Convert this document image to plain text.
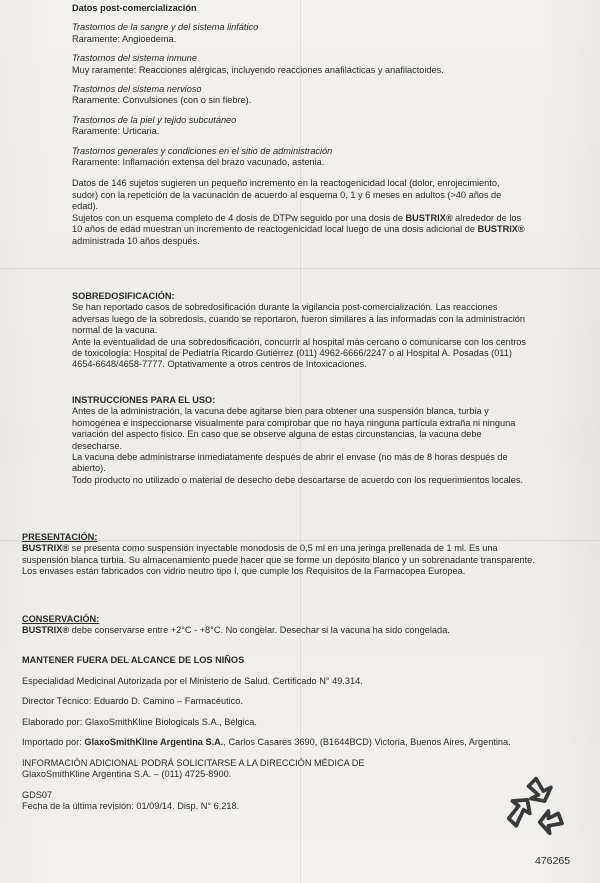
Datos post-comercialización

Trastornos de la sangre y del sistema linfático

Raramente: Angioedema.

Trastornos del sistema inmune

Muy raramente: Reacciones alérgicas, incluyendo reacciones anafilácticas y anafilactoides.

Trastornos del sistema nervioso

Raramente: Convulsiones (con o sin fiebre).

Trastornos de la piel y tejido subcutáneo

Raramente: Urticaria.

Trastornos generales y condiciones en el sitio de administración

Raramente: Inflamación extensa del brazo vacunado, astenia.

Datos de 146 sujetos sugieren un pequeño incremento en la reactogenicidad local (dolor, enrojecimiento, sudor) con la repetición de la vacunación de acuerdo al esquema 0, 1 y 6 meses en adultos (>40 años de edad).

Sujetos con un esquema completo de 4 dosis de DTPw seguido por una dosis de BUSTRIX® alrededor de los 10 años de edad muestran un incremento de reactogenicidad local luego de una dosis adicional de BUSTRIX® administrada 10 años después.

SOBREDOSIFICACIÓN:

Se han reportado casos de sobredosificación durante la vigilancia post-comercialización. Las reacciones adversas luego de la sobredosis, cuando se reportaron, fueron similares a las informadas con la administración normal de la vacuna.

Ante la eventualidad de una sobredosificación, concurrir al hospital más cercano o comunicarse con los centros de toxicología: Hospital de Pediatría Ricardo Gutiérrez (011) 4962-6666/2247 o al Hospital A. Posadas (011) 4654-6648/4658-7777. Optativamente a otros centros de Intoxicaciones.

INSTRUCCIONES PARA EL USO:

Antes de la administración, la vacuna debe agitarse bien para obtener una suspensión blanca, turbia y homogénea e inspeccionarse visualmente para comprobar que no haya ninguna partícula extraña ni ninguna variación del aspecto físico. En caso que se observe alguna de estas circunstancias, la vacuna debe desecharse.

La vacuna debe administrarse inmediatamente después de abrir el envase (no más de 8 horas después de abierto).

Todo producto no utilizado o material de desecho debe descartarse de acuerdo con los requerimientos locales.

PRESENTACIÓN:

BUSTRIX® se presenta como suspensión inyectable monodosis de 0,5 ml en una jeringa prellenada de 1 ml. Es una suspensión blanca turbia. Su almacenamiento puede hacer que se forme un depósito blanco y un sobrenadante transparente.

Los envases están fabricados con vidrio neutro tipo I, que cumple los Requisitos de la Farmacopea Europea.

CONSERVACIÓN:

BUSTRIX® debe conservarse entre +2°C - +8°C. No congelar. Desechar si la vacuna ha sido congelada.

MANTENER FUERA DEL ALCANCE DE LOS NIÑOS

Especialidad Medicinal Autorizada por el Ministerio de Salud. Certificado N° 49.314.

Director Técnico: Eduardo D. Camino – Farmacéutico.

Elaborado por: GlaxoSmithKline Biologicals S.A., Bélgica.

Importado por: GlaxoSmithKline Argentina S.A., Carlos Casares 3690, (B1644BCD) Victoria, Buenos Aires, Argentina.

INFORMACIÓN ADICIONAL PODRÁ SOLICITARSE A LA DIRECCIÓN MÉDICA DE

GlaxoSmithKline Argentina S.A. – (011) 4725-8900.

GDS07

Fecha de la última revisión: 01/09/14. Disp. N° 6.218.

476265
